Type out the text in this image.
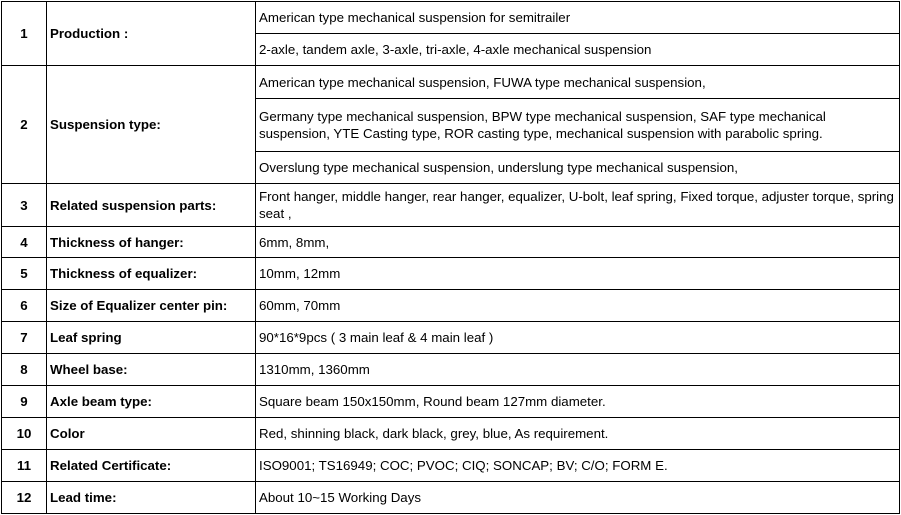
1	Production :	American type mechanical suspension for semitrailer
		2-axle, tandem axle, 3-axle, tri-axle, 4-axle mechanical suspension
2	Suspension type:	American type mechanical suspension, FUWA type mechanical suspension,
		Germany type mechanical suspension, BPW type mechanical suspension, SAF type mechanical suspension, YTE Casting type, ROR casting type, mechanical suspension with parabolic spring.
		Overslung type mechanical suspension, underslung type mechanical suspension,
3	Related suspension parts:	Front hanger, middle hanger, rear hanger, equalizer, U-bolt, leaf spring, Fixed torque, adjuster torque, spring seat ,
4	Thickness of hanger:	6mm, 8mm,
5	Thickness of equalizer:	10mm, 12mm
6	Size of Equalizer center pin:	60mm, 70mm
7	Leaf spring	90*16*9pcs ( 3 main leaf & 4 main leaf )
8	Wheel base:	1310mm, 1360mm
9	Axle beam type:	Square beam 150x150mm, Round beam 127mm diameter.
10	Color	Red, shinning black, dark black, grey, blue, As requirement.
11	Related Certificate:	ISO9001; TS16949; COC; PVOC; CIQ; SONCAP; BV; C/O; FORM E.
12	Lead time:	About 10~15 Working Days
